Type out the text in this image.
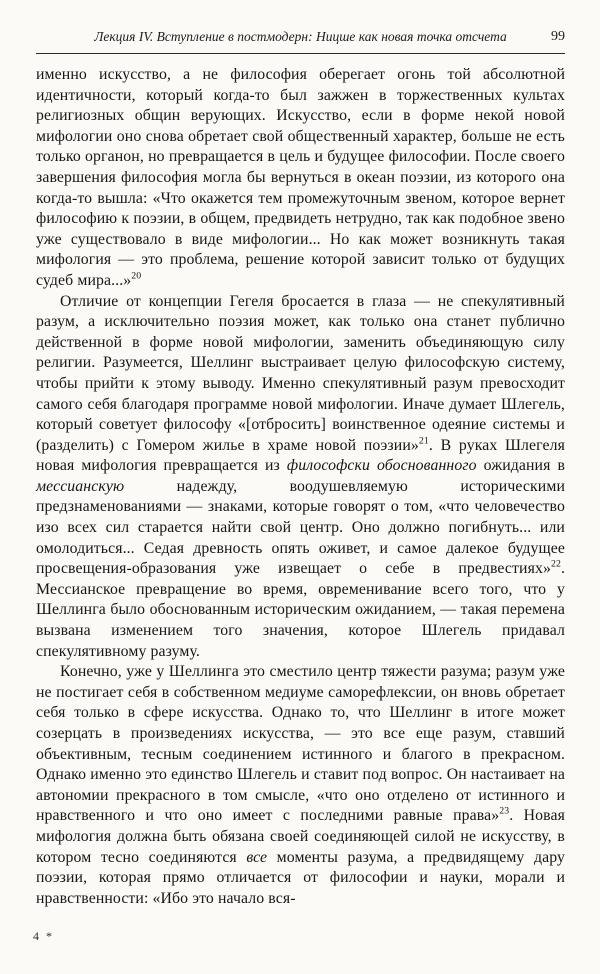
Лекция IV. Вступление в постмодерн: Ницше как новая точка отсчета	99

именно искусство, а не философия оберегает огонь той абсолютной идентичности, который когда-то был зажжен в торжественных культах религиозных общин верующих. Искусство, если в форме некой новой мифологии оно снова обретает свой общественный характер, больше не есть только органон, но превращается в цель и будущее философии. После своего завершения философия могла бы вернуться в океан поэзии, из которого она когда-то вышла: «Что окажется тем промежуточным звеном, которое вернет философию к поэзии, в общем, предвидеть нетрудно, так как подобное звено уже существовало в виде мифологии... Но как может возникнуть такая мифология — это проблема, решение которой зависит только от будущих судеб мира...»$^{20}$

Отличие от концепции Гегеля бросается в глаза — не спекулятивный разум, а исключительно поэзия может, как только она станет публично действенной в форме новой мифологии, заменить объединяющую силу религии. Разумеется, Шеллинг выстраивает целую философскую систему, чтобы прийти к этому выводу. Именно спекулятивный разум превосходит самого себя благодаря программе новой мифологии. Иначе думает Шлегель, который советует философу «[отбросить] воинственное одеяние системы и (разделить) с Гомером жилье в храме новой поэзии»$^{21}$. В руках Шлегеля новая мифология превращается из философски обоснованного ожидания в мессианскую надежду, воодушевляемую историческими предзнаменованиями — знаками, которые говорят о том, «что человечество изо всех сил старается найти свой центр. Оно должно погибнуть... или омолодиться... Седая древность опять оживет, и самое далекое будущее просвещения-образования уже извещает о себе в предвестиях»$^{22}$. Мессианское превращение во время, овременивание всего того, что у Шеллинга было обоснованным историческим ожиданием, — такая перемена вызвана изменением того значения, которое Шлегель придавал спекулятивному разуму.

Конечно, уже у Шеллинга это сместило центр тяжести разума; разум уже не постигает себя в собственном медиуме саморефлексии, он вновь обретает себя только в сфере искусства. Однако то, что Шеллинг в итоге может созерцать в произведениях искусства, — это все еще разум, ставший объективным, тесным соединением истинного и благого в прекрасном. Однако именно это единство Шлегель и ставит под вопрос. Он настаивает на автономии прекрасного в том смысле, «что оно отделено от истинного и нравственного и что оно имеет с последними равные права»$^{23}$. Новая мифология должна быть обязана своей соединяющей силой не искусству, в котором тесно соединяются все моменты разума, а предвидящему дару поэзии, которая прямо отличается от философии и науки, морали и нравственности: «Ибо это начало вся-

4 *
